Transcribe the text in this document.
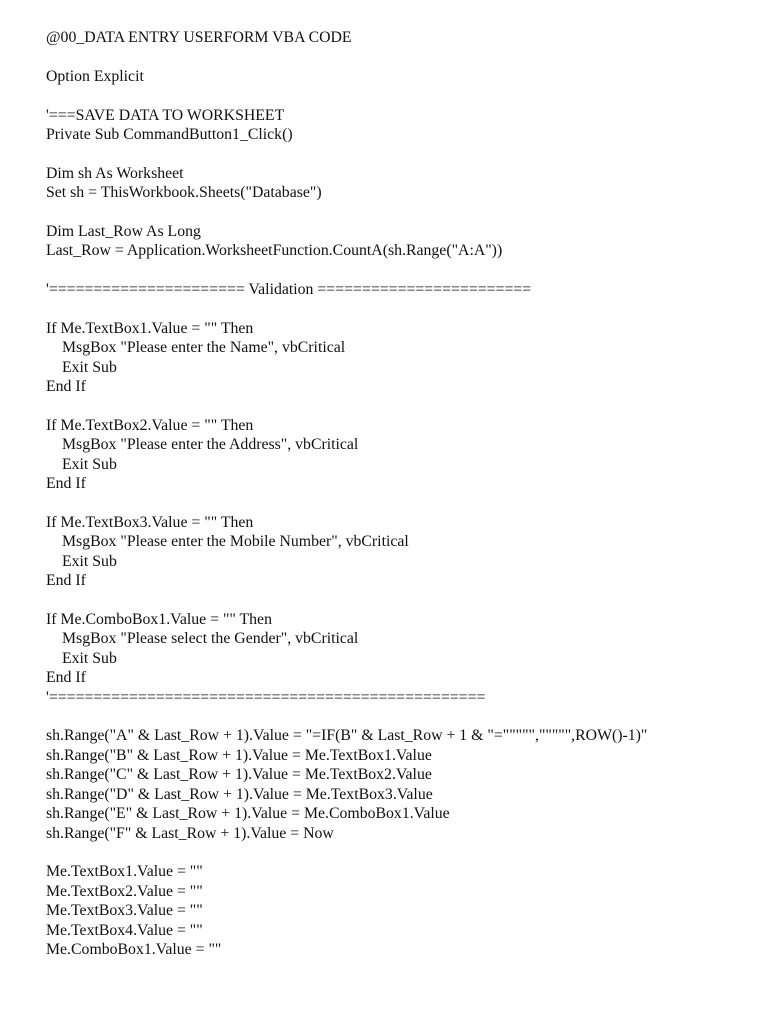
@00_DATA ENTRY USERFORM VBA CODE
Option Explicit
'===SAVE DATA TO WORKSHEET
Private Sub CommandButton1_Click()
Dim sh As Worksheet
Set sh = ThisWorkbook.Sheets("Database")
Dim Last_Row As Long
Last_Row = Application.WorksheetFunction.CountA(sh.Range("A:A"))
'====================== Validation ========================
If Me.TextBox1.Value = "" Then
MsgBox "Please enter the Name", vbCritical
Exit Sub
End If
If Me.TextBox2.Value = "" Then
MsgBox "Please enter the Address", vbCritical
Exit Sub
End If
If Me.TextBox3.Value = "" Then
MsgBox "Please enter the Mobile Number", vbCritical
Exit Sub
End If
If Me.ComboBox1.Value = "" Then
MsgBox "Please select the Gender", vbCritical
Exit Sub
End If
'=================================================
sh.Range("A" & Last_Row + 1).Value = "=IF(B" & Last_Row + 1 & "=""""",""""",ROW()-1)"
sh.Range("B" & Last_Row + 1).Value = Me.TextBox1.Value
sh.Range("C" & Last_Row + 1).Value = Me.TextBox2.Value
sh.Range("D" & Last_Row + 1).Value = Me.TextBox3.Value
sh.Range("E" & Last_Row + 1).Value = Me.ComboBox1.Value
sh.Range("F" & Last_Row + 1).Value = Now
Me.TextBox1.Value = ""
Me.TextBox2.Value = ""
Me.TextBox3.Value = ""
Me.TextBox4.Value = ""
Me.ComboBox1.Value = ""
